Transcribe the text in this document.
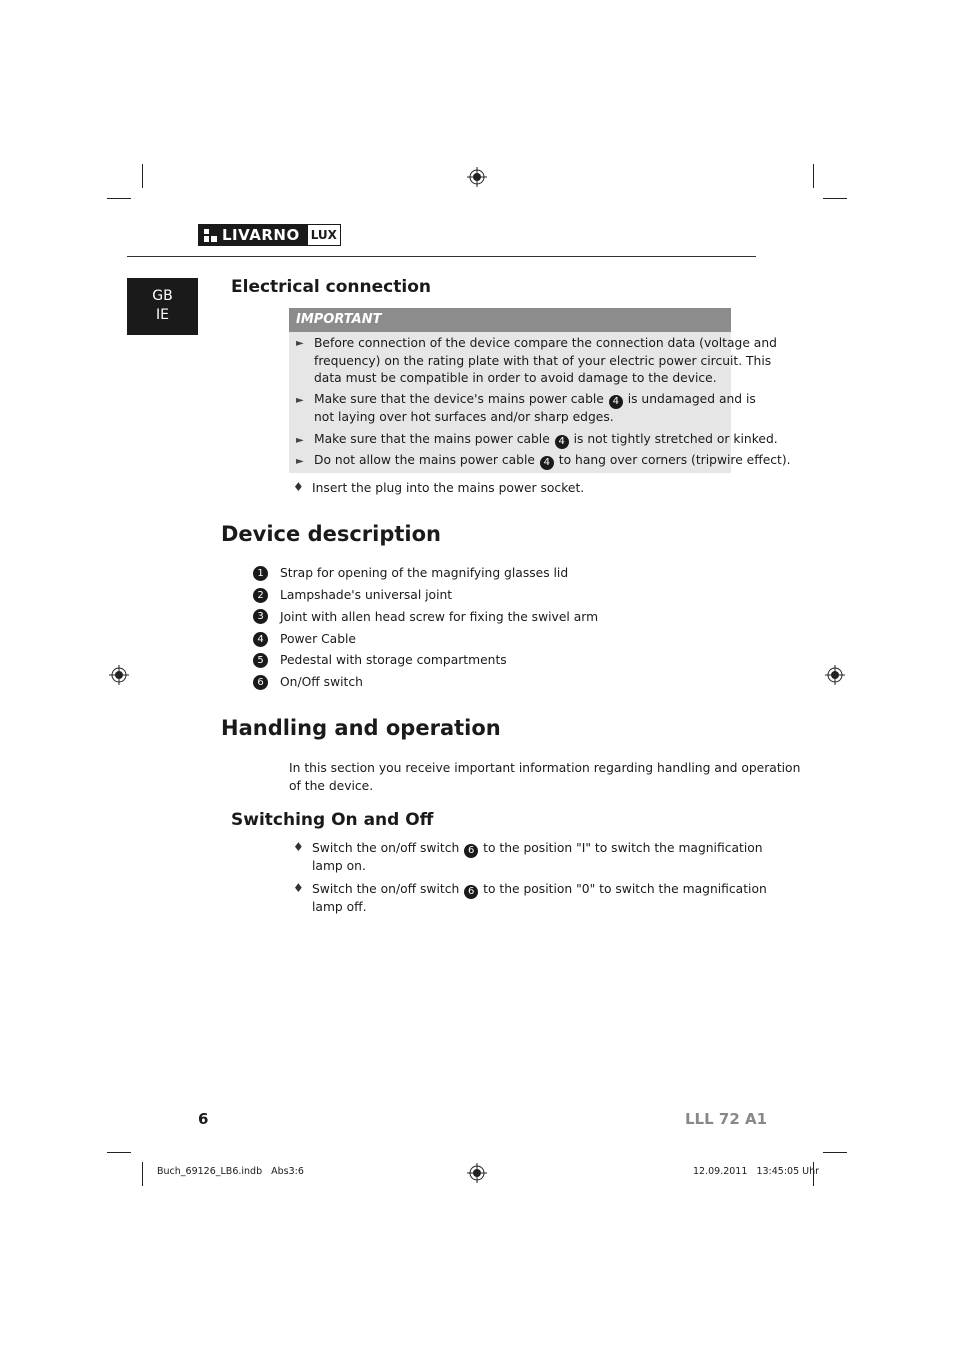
LIVARNO LUX
GB
IE
Electrical connection
IMPORTANT
► Before connection of the device compare the connection data (voltage and
frequency) on the rating plate with that of your electric power circuit. This
data must be compatible in order to avoid damage to the device.
► Make sure that the device's mains power cable 4 is undamaged and is
not laying over hot surfaces and/or sharp edges.
► Make sure that the mains power cable 4 is not tightly stretched or kinked.
► Do not allow the mains power cable 4 to hang over corners (tripwire effect).
♦ Insert the plug into the mains power socket.
Device description
1	Strap for opening of the magnifying glasses lid
2	Lampshade's universal joint
3	Joint with allen head screw for fixing the swivel arm
4	Power Cable
5	Pedestal with storage compartments
6	On/Off switch
Handling and operation
In this section you receive important information regarding handling and operation
of the device.
Switching On and Off
♦ Switch the on/off switch 6 to the position "I" to switch the magnification
lamp on.
♦ Switch the on/off switch 6 to the position "0" to switch the magnification
lamp off.
6	LLL 72 A1
Buch_69126_LB6.indb   Abs3:6	12.09.2011   13:45:05 Uhr
